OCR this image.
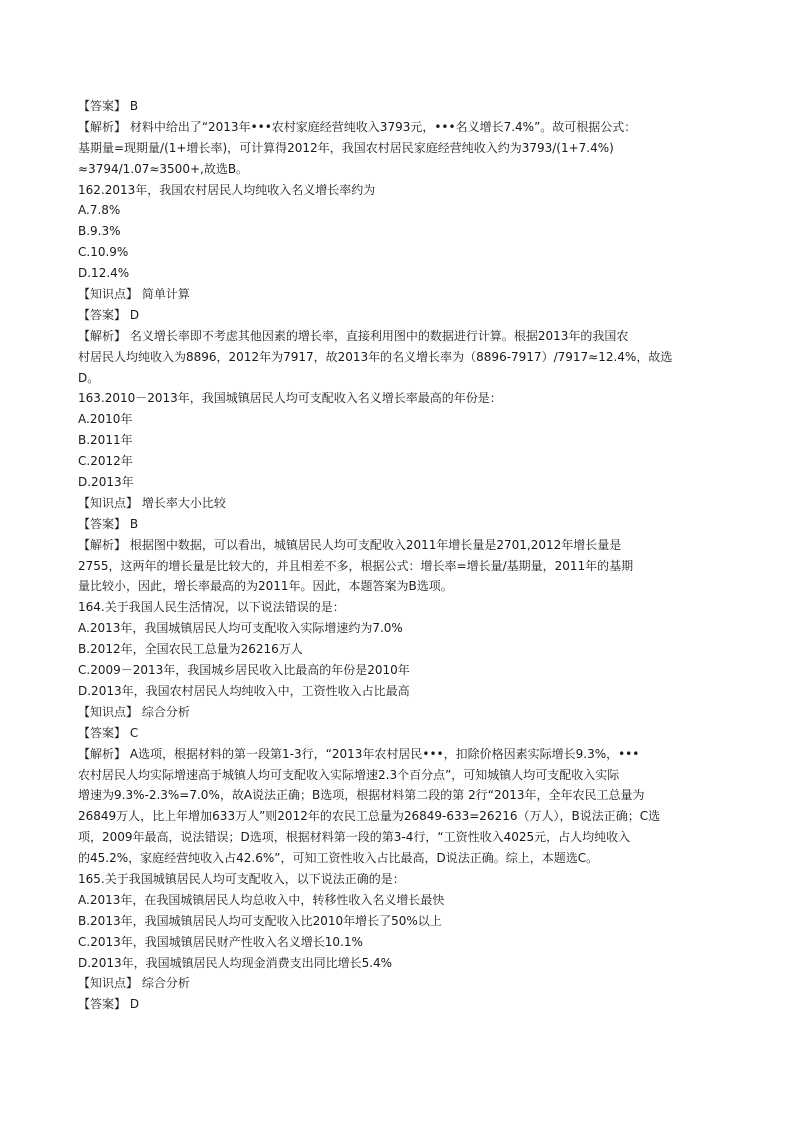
【答案】 B
【解析】 材料中给出了“2013年•••农村家庭经营纯收入3793元，•••名义增长7.4%”。故可根据公式：
基期量=现期量/(1+增长率)，可计算得2012年，我国农村居民家庭经营纯收入约为3793/(1+7.4%)
≈3794/1.07≈3500+,故选B。
162.2013年，我国农村居民人均纯收入名义增长率约为
A.7.8%
B.9.3%
C.10.9%
D.12.4%
【知识点】 简单计算
【答案】 D
【解析】 名义增长率即不考虑其他因素的增长率，直接利用图中的数据进行计算。根据2013年的我国农
村居民人均纯收入为8896，2012年为7917，故2013年的名义增长率为（8896-7917）/7917≈12.4%，故选
D。
163.2010－2013年，我国城镇居民人均可支配收入名义增长率最高的年份是：
A.2010年
B.2011年
C.2012年
D.2013年
【知识点】 增长率大小比较
【答案】 B
【解析】 根据图中数据，可以看出，城镇居民人均可支配收入2011年增长量是2701,2012年增长量是
2755，这两年的增长量是比较大的，并且相差不多，根据公式：增长率=增长量/基期量，2011年的基期
量比较小，因此，增长率最高的为2011年。因此，本题答案为B选项。
164.关于我国人民生活情况，以下说法错误的是：
A.2013年，我国城镇居民人均可支配收入实际增速约为7.0%
B.2012年，全国农民工总量为26216万人
C.2009－2013年，我国城乡居民收入比最高的年份是2010年
D.2013年，我国农村居民人均纯收入中，工资性收入占比最高
【知识点】 综合分析
【答案】 C
【解析】 A选项，根据材料的第一段第1-3行，“2013年农村居民•••，扣除价格因素实际增长9.3%，•••
农村居民人均实际增速高于城镇人均可支配收入实际增速2.3个百分点”，可知城镇人均可支配收入实际
增速为9.3%-2.3%=7.0%，故A说法正确；B选项，根据材料第二段的第 2行“2013年，全年农民工总量为
26849万人，比上年增加633万人”则2012年的农民工总量为26849-633=26216（万人），B说法正确；C选
项，2009年最高，说法错误；D选项，根据材料第一段的第3-4行，“工资性收入4025元，占人均纯收入
的45.2%，家庭经营纯收入占42.6%”，可知工资性收入占比最高，D说法正确。综上，本题选C。
165.关于我国城镇居民人均可支配收入，以下说法正确的是：
A.2013年，在我国城镇居民人均总收入中，转移性收入名义增长最快
B.2013年，我国城镇居民人均可支配收入比2010年增长了50%以上
C.2013年，我国城镇居民财产性收入名义增长10.1%
D.2013年，我国城镇居民人均现金消费支出同比增长5.4%
【知识点】 综合分析
【答案】 D
